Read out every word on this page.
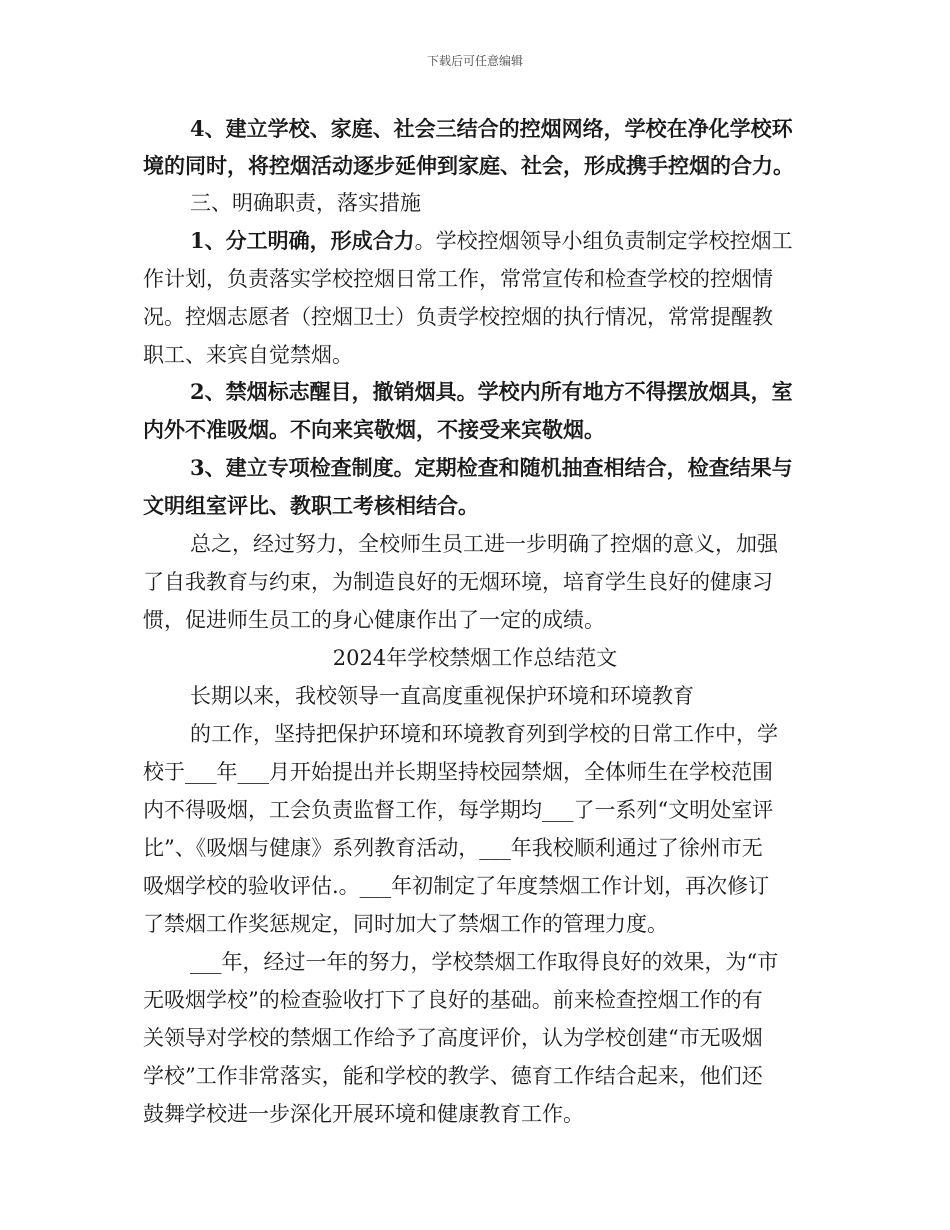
下载后可任意编辑
4、建立学校、家庭、社会三结合的控烟网络，学校在净化学校环
境的同时，将控烟活动逐步延伸到家庭、社会，形成携手控烟的合力。
三、明确职责，落实措施
1、分工明确，形成合力。学校控烟领导小组负责制定学校控烟工
作计划，负责落实学校控烟日常工作，常常宣传和检查学校的控烟情
况。控烟志愿者（控烟卫士）负责学校控烟的执行情况，常常提醒教
职工、来宾自觉禁烟。
2、禁烟标志醒目，撤销烟具。学校内所有地方不得摆放烟具，室
内外不准吸烟。不向来宾敬烟，不接受来宾敬烟。
3、建立专项检查制度。定期检查和随机抽查相结合，检查结果与
文明组室评比、教职工考核相结合。
总之，经过努力，全校师生员工进一步明确了控烟的意义，加强
了自我教育与约束，为制造良好的无烟环境，培育学生良好的健康习
惯，促进师生员工的身心健康作出了一定的成绩。
2024年学校禁烟工作总结范文
长期以来，我校领导一直高度重视保护环境和环境教育
的工作，坚持把保护环境和环境教育列到学校的日常工作中，学
校于___年___月开始提出并长期坚持校园禁烟，全体师生在学校范围
内不得吸烟，工会负责监督工作，每学期均___了一系列“文明处室评
比”、《吸烟与健康》系列教育活动，___年我校顺利通过了徐州市无
吸烟学校的验收评估.。___年初制定了年度禁烟工作计划，再次修订
了禁烟工作奖惩规定，同时加大了禁烟工作的管理力度。
___年，经过一年的努力，学校禁烟工作取得良好的效果，为“市
无吸烟学校”的检查验收打下了良好的基础。前来检查控烟工作的有
关领导对学校的禁烟工作给予了高度评价，认为学校创建“市无吸烟
学校”工作非常落实，能和学校的教学、德育工作结合起来，他们还
鼓舞学校进一步深化开展环境和健康教育工作。
